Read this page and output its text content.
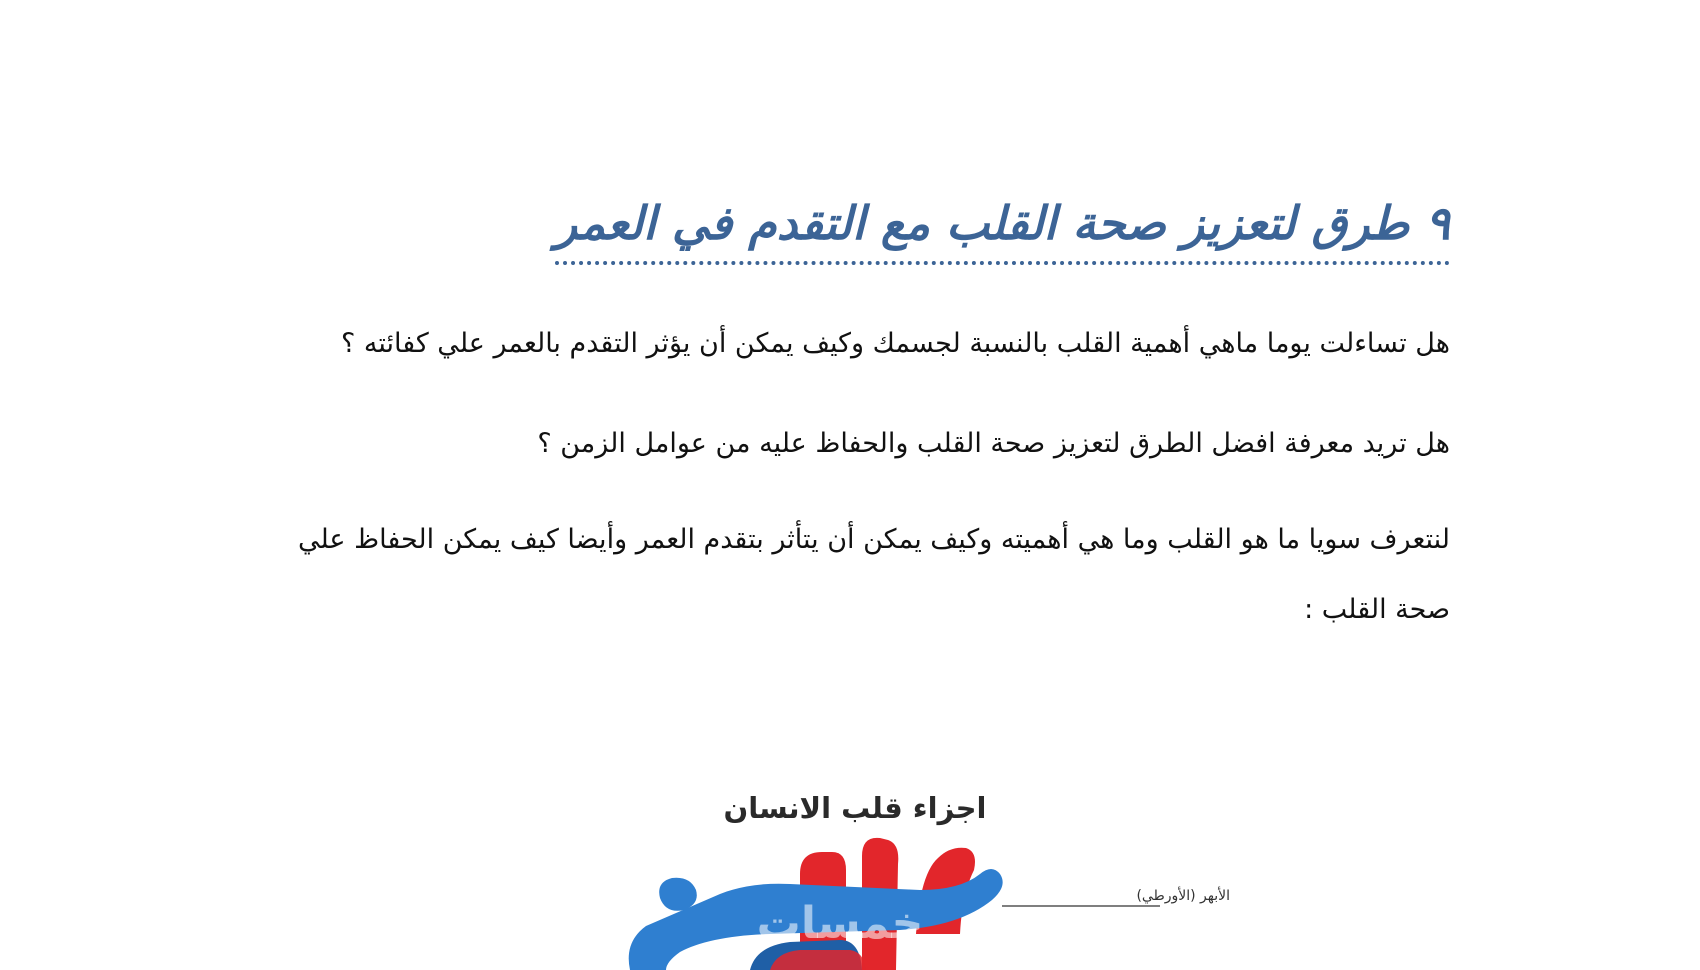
٩ طرق لتعزيز صحة القلب مع التقدم في العمر

هل تساءلت يوما ماهي أهمية القلب بالنسبة لجسمك وكيف يمكن أن يؤثر التقدم بالعمر علي كفائته ؟

هل تريد معرفة افضل الطرق لتعزيز صحة القلب والحفاظ عليه من عوامل الزمن ؟

لنتعرف سويا ما هو القلب وما هي أهميته وكيف يمكن أن يتأثر بتقدم العمر وأيضا كيف يمكن الحفاظ علي صحة القلب :

اجزاء قلب الانسان
الأبهر (الأورطي)
خمسات
